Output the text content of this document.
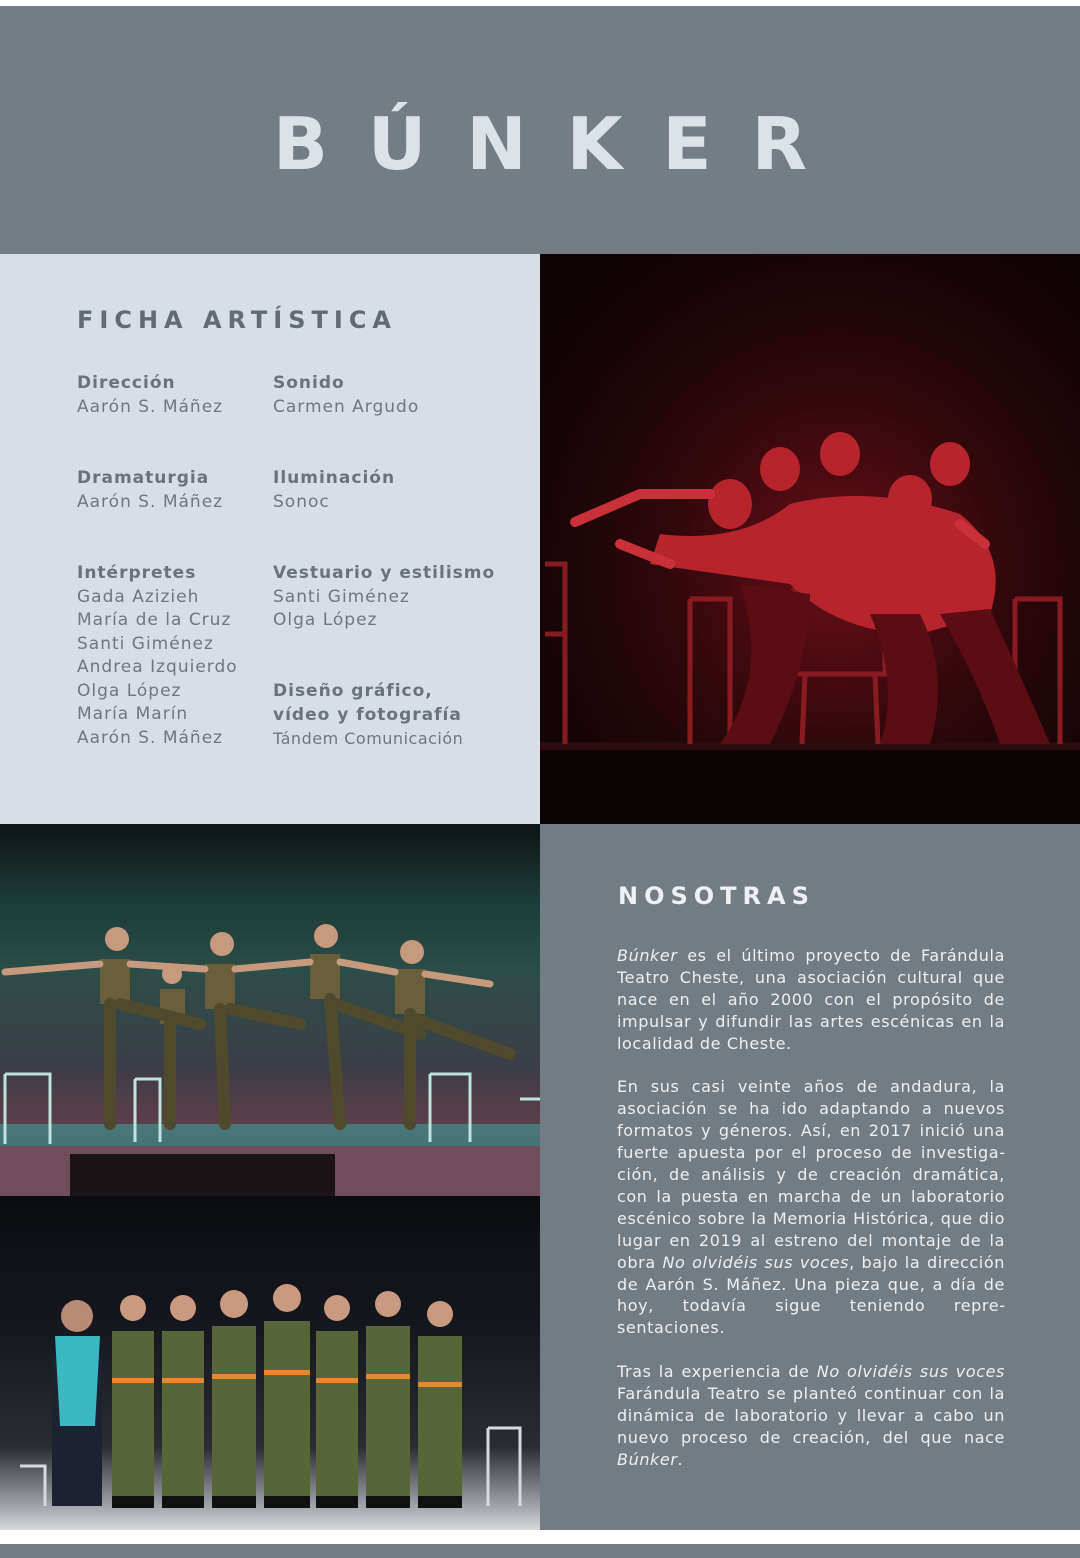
BÚNKER
FICHA ARTÍSTICA
Dirección
Aarón S. Máñez
Sonido
Carmen Argudo
Dramaturgia
Aarón S. Máñez
Iluminación
Sonoc
Intérpretes
Gada Azizieh
María de la Cruz
Santi Giménez
Andrea Izquierdo
Olga López
María Marín
Aarón S. Máñez
Vestuario y estilismo
Santi Giménez
Olga López
Diseño gráfico,
vídeo y fotografía
Tándem Comunicación
NOSOTRAS

Búnker es el último proyecto de Farándula Teatro Cheste, una asociación cultural que nace en el año 2000 con el propósito de impulsar y difundir las artes escénicas en la localidad de Cheste.

En sus casi veinte años de andadura, la asociación se ha ido adaptando a nuevos formatos y géneros. Así, en 2017 inició una fuerte apuesta por el proceso de investigación, de análisis y de creación dramática, con la puesta en marcha de un laboratorio escénico sobre la Memoria Histórica, que dio lugar en 2019 al estreno del montaje de la obra No olvidéis sus voces, bajo la dirección de Aarón S. Máñez. Una pieza que, a día de hoy, todavía sigue teniendo representaciones.

Tras la experiencia de No olvidéis sus voces Farándula Teatro se planteó continuar con la dinámica de laboratorio y llevar a cabo un nuevo proceso de creación, del que nace Búnker.
